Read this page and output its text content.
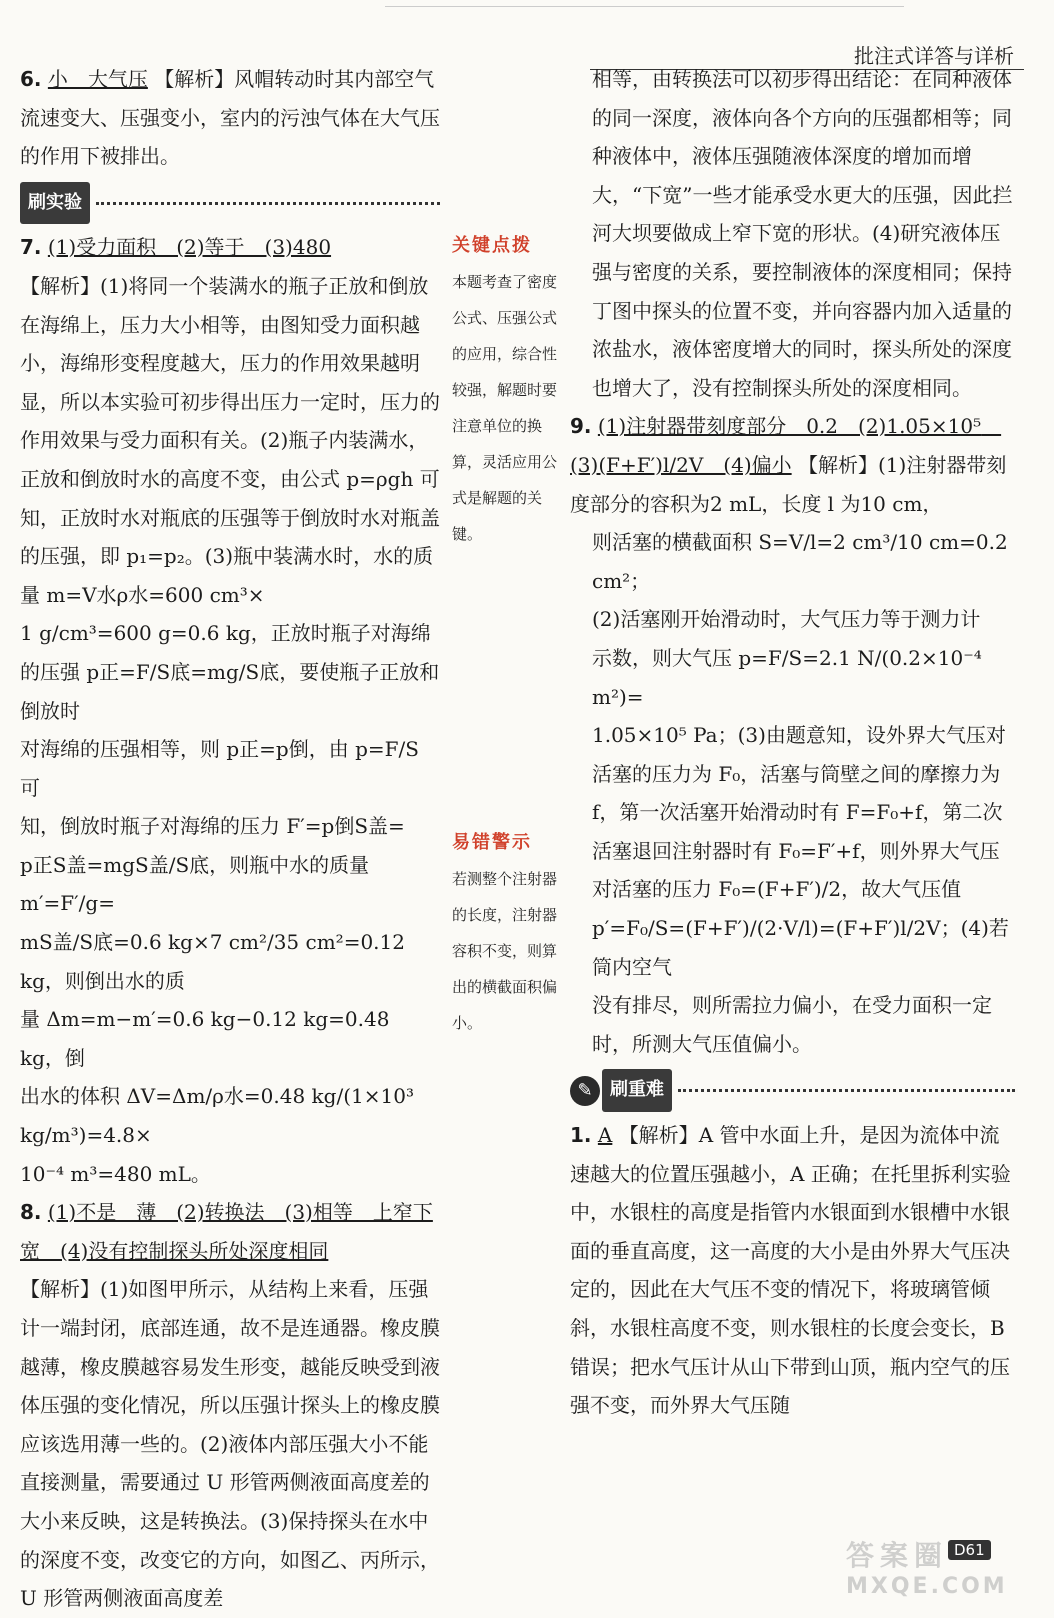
批注式详答与详析

6. 小　大气压 【解析】风帽转动时其内部空气流速变大、压强变小，室内的污浊气体在大气压的作用下被排出。

刷实验

7. (1)受力面积　(2)等于　(3)480

【解析】(1)将同一个装满水的瓶子正放和倒放在海绵上，压力大小相等，由图知受力面积越小，海绵形变程度越大，压力的作用效果越明显，所以本实验可初步得出压力一定时，压力的作用效果与受力面积有关。(2)瓶子内装满水，正放和倒放时水的高度不变，由公式 p=ρgh 可知，正放时水对瓶底的压强等于倒放时水对瓶盖的压强，即 p₁=p₂。(3)瓶中装满水时，水的质量 m=V水ρ水=600 cm³×

1 g/cm³=600 g=0.6 kg，正放时瓶子对海绵

的压强 p正=F/S底=mg/S底，要使瓶子正放和倒放时

对海绵的压强相等，则 p正=p倒，由 p=F/S 可

知，倒放时瓶子对海绵的压力 F′=p倒S盖=

p正S盖=mgS盖/S底，则瓶中水的质量 m′=F′/g=

mS盖/S底=0.6 kg×7 cm²/35 cm²=0.12 kg，则倒出水的质

量 Δm=m−m′=0.6 kg−0.12 kg=0.48 kg，倒

出水的体积 ΔV=Δm/ρ水=0.48 kg/(1×10³ kg/m³)=4.8×

10⁻⁴ m³=480 mL。

8. (1)不是　薄　(2)转换法　(3)相等　上窄下宽　(4)没有控制探头所处深度相同

【解析】(1)如图甲所示，从结构上来看，压强计一端封闭，底部连通，故不是连通器。橡皮膜越薄，橡皮膜越容易发生形变，越能反映受到液体压强的变化情况，所以压强计探头上的橡皮膜应该选用薄一些的。(2)液体内部压强大小不能直接测量，需要通过 U 形管两侧液面高度差的大小来反映，这是转换法。(3)保持探头在水中的深度不变，改变它的方向，如图乙、丙所示，U 形管两侧液面高度差

关键点拨
本题考查了密度公式、压强公式的应用，综合性较强，解题时要注意单位的换算，灵活应用公式是解题的关键。
易错警示
若测整个注射器的长度，注射器容积不变，则算出的横截面积偏小。

相等，由转换法可以初步得出结论：在同种液体的同一深度，液体向各个方向的压强都相等；同种液体中，液体压强随液体深度的增加而增大，“下宽”一些才能承受水更大的压强，因此拦河大坝要做成上窄下宽的形状。(4)研究液体压强与密度的关系，要控制液体的深度相同；保持丁图中探头的位置不变，并向容器内加入适量的浓盐水，液体密度增大的同时，探头所处的深度也增大了，没有控制探头所处的深度相同。

9. (1)注射器带刻度部分　0.2　(2)1.05×10⁵　(3)(F+F′)l/2V　(4)偏小 【解析】(1)注射器带刻度部分的容积为2 mL，长度 l 为10 cm，

则活塞的横截面积 S=V/l=2 cm³/10 cm=0.2 cm²；

(2)活塞刚开始滑动时，大气压力等于测力计

示数，则大气压 p=F/S=2.1 N/(0.2×10⁻⁴ m²)=

1.05×10⁵ Pa；(3)由题意知，设外界大气压对活塞的压力为 F₀，活塞与筒壁之间的摩擦力为 f，第一次活塞开始滑动时有 F=F₀+f，第二次活塞退回注射器时有 F₀=F′+f，则外界大气压对活塞的压力 F₀=(F+F′)/2，故大气压值

p′=F₀/S=(F+F′)/(2·V/l)=(F+F′)l/2V；(4)若筒内空气

没有排尽，则所需拉力偏小，在受力面积一定时，所测大气压值偏小。

✎ 刷重难

1. A 【解析】A 管中水面上升，是因为流体中流速越大的位置压强越小，A 正确；在托里拆利实验中，水银柱的高度是指管内水银面到水银槽中水银面的垂直高度，这一高度的大小是由外界大气压决定的，因此在大气压不变的情况下，将玻璃管倾斜，水银柱高度不变，则水银柱的长度会变长，B 错误；把水气压计从山下带到山顶，瓶内空气的压强不变，而外界大气压随

D61
答案圈
MXQE.COM
